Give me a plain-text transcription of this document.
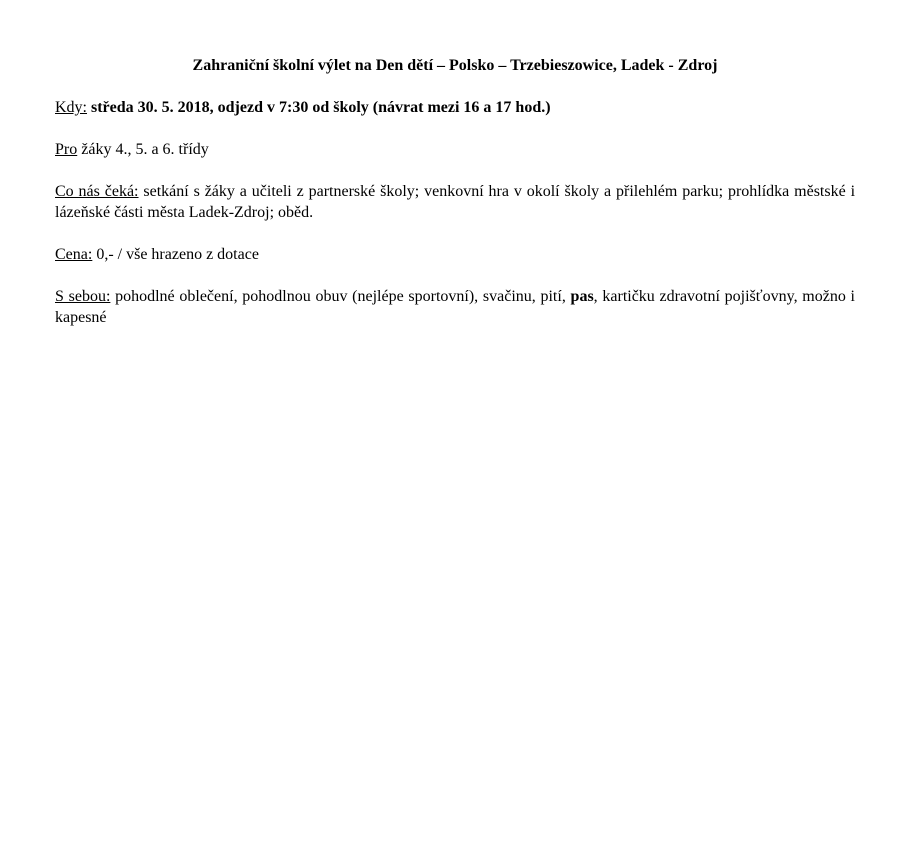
Zahraniční školní výlet na Den dětí – Polsko – Trzebieszowice, Ladek - Zdroj
Kdy: středa 30. 5. 2018, odjezd v 7:30 od školy (návrat mezi 16 a 17 hod.)
Pro žáky 4., 5. a 6. třídy
Co nás čeká: setkání s žáky a učiteli z partnerské školy; venkovní hra v okolí školy a přilehlém parku; prohlídka městské i lázeňské části města Ladek-Zdroj; oběd.
Cena: 0,- / vše hrazeno z dotace
S sebou: pohodlné oblečení, pohodlnou obuv (nejlépe sportovní), svačinu, pití, pas, kartičku zdravotní pojišťovny, možno i kapesné
